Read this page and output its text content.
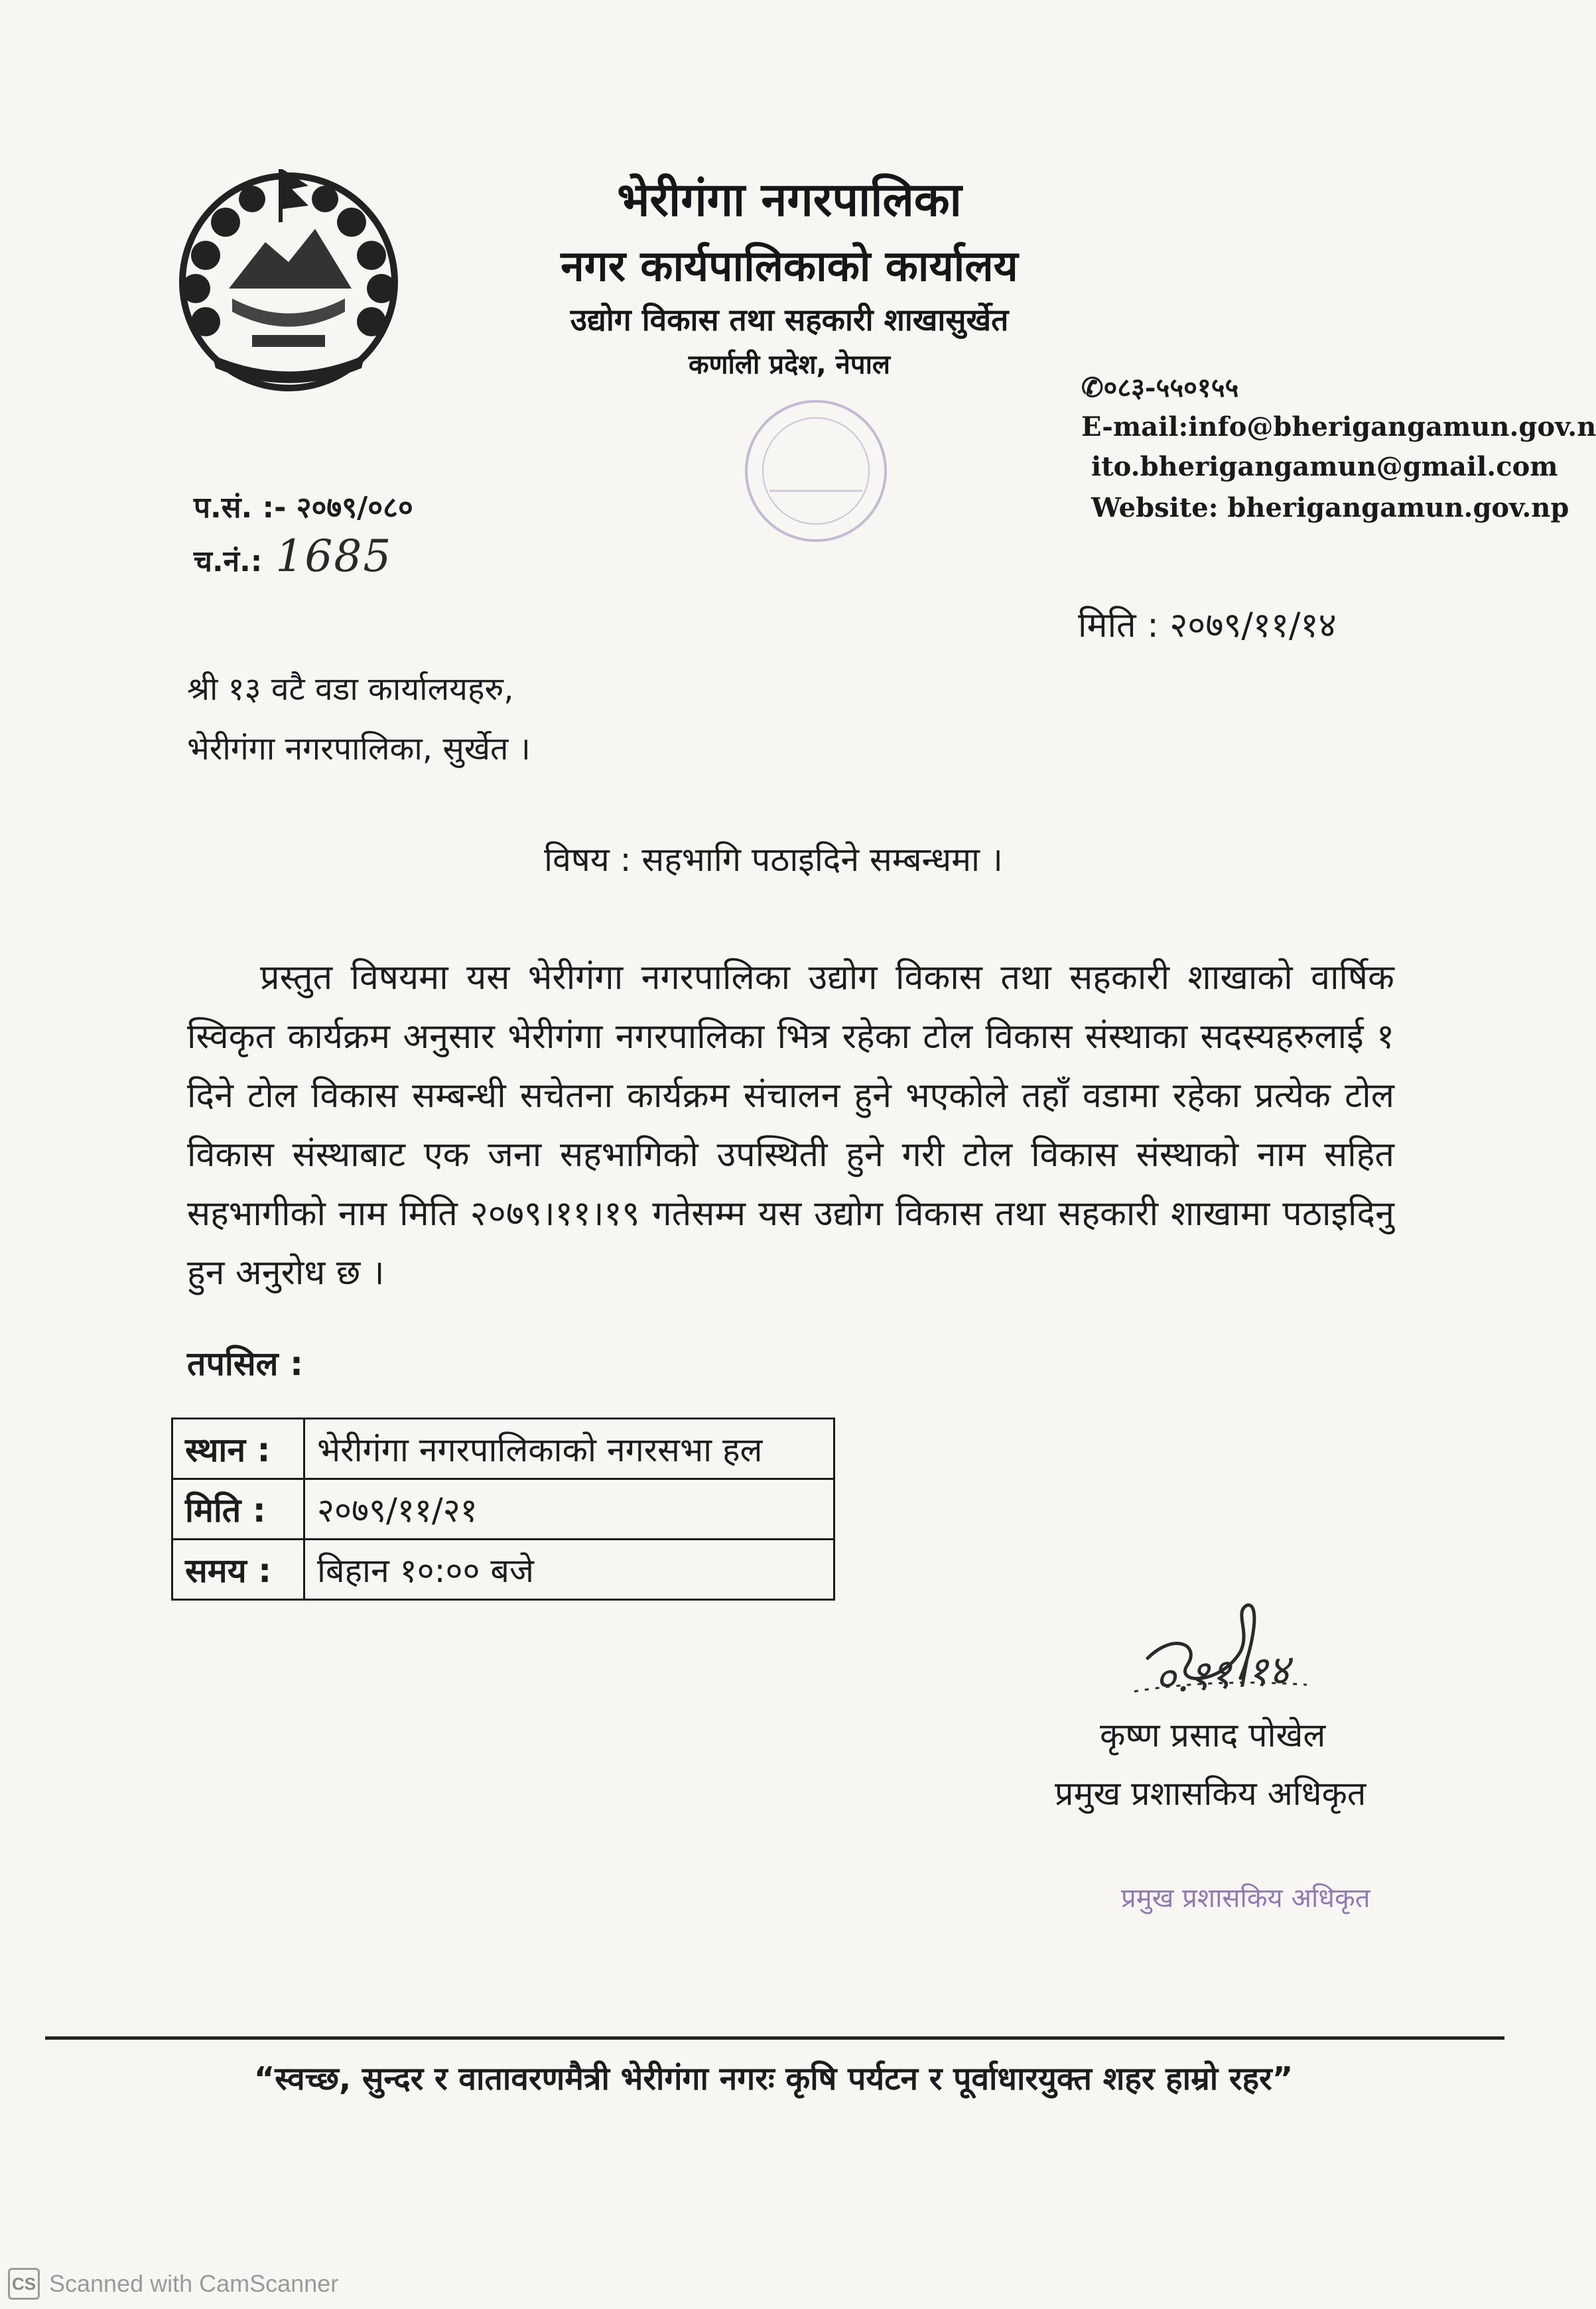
भेरीगंगा नगरपालिका
नगर कार्यपालिकाको कार्यालय
उद्योग विकास तथा सहकारी शाखासुर्खेत
कर्णाली प्रदेश, नेपाल
✆०८३-५५०१५५
E-mail:info@bherigangamun.gov.n
ito.bherigangamun@gmail.com
Website: bherigangamun.gov.np
प.सं. :- २०७९/०८०
च.नं.: 1685
मिति : २०७९/११/१४
श्री १३ वटै वडा कार्यालयहरु,
भेरीगंगा नगरपालिका, सुर्खेत ।
विषय : सहभागि पठाइदिने सम्बन्धमा ।
प्रस्तुत विषयमा यस भेरीगंगा नगरपालिका उद्योग विकास तथा सहकारी शाखाको वार्षिक स्विकृत कार्यक्रम अनुसार भेरीगंगा नगरपालिका भित्र रहेका टोल विकास संस्थाका सदस्यहरुलाई १ दिने टोल विकास सम्बन्धी सचेतना कार्यक्रम संचालन हुने भएकोले तहाँ वडामा रहेका प्रत्येक टोल विकास संस्थाबाट एक जना सहभागिको उपस्थिती हुने गरी टोल विकास संस्थाको नाम सहित सहभागीको नाम मिति २०७९।११।१९ गतेसम्म यस उद्योग विकास तथा सहकारी शाखामा पठाइदिनु हुन अनुरोध छ ।
तपसिल :
स्थान :	भेरीगंगा नगरपालिकाको नगरसभा हल
मिति :	२०७९/११/२१
समय :	बिहान १०:०० बजे
०.११।१४
कृष्ण प्रसाद पोखेल
प्रमुख प्रशासकिय अधिकृत
प्रमुख प्रशासकिय अधिकृत
“स्वच्छ, सुन्दर र वातावरणमैत्री भेरीगंगा नगरः कृषि पर्यटन र पूर्वाधारयुक्त शहर हाम्रो रहर”
CS Scanned with CamScanner
